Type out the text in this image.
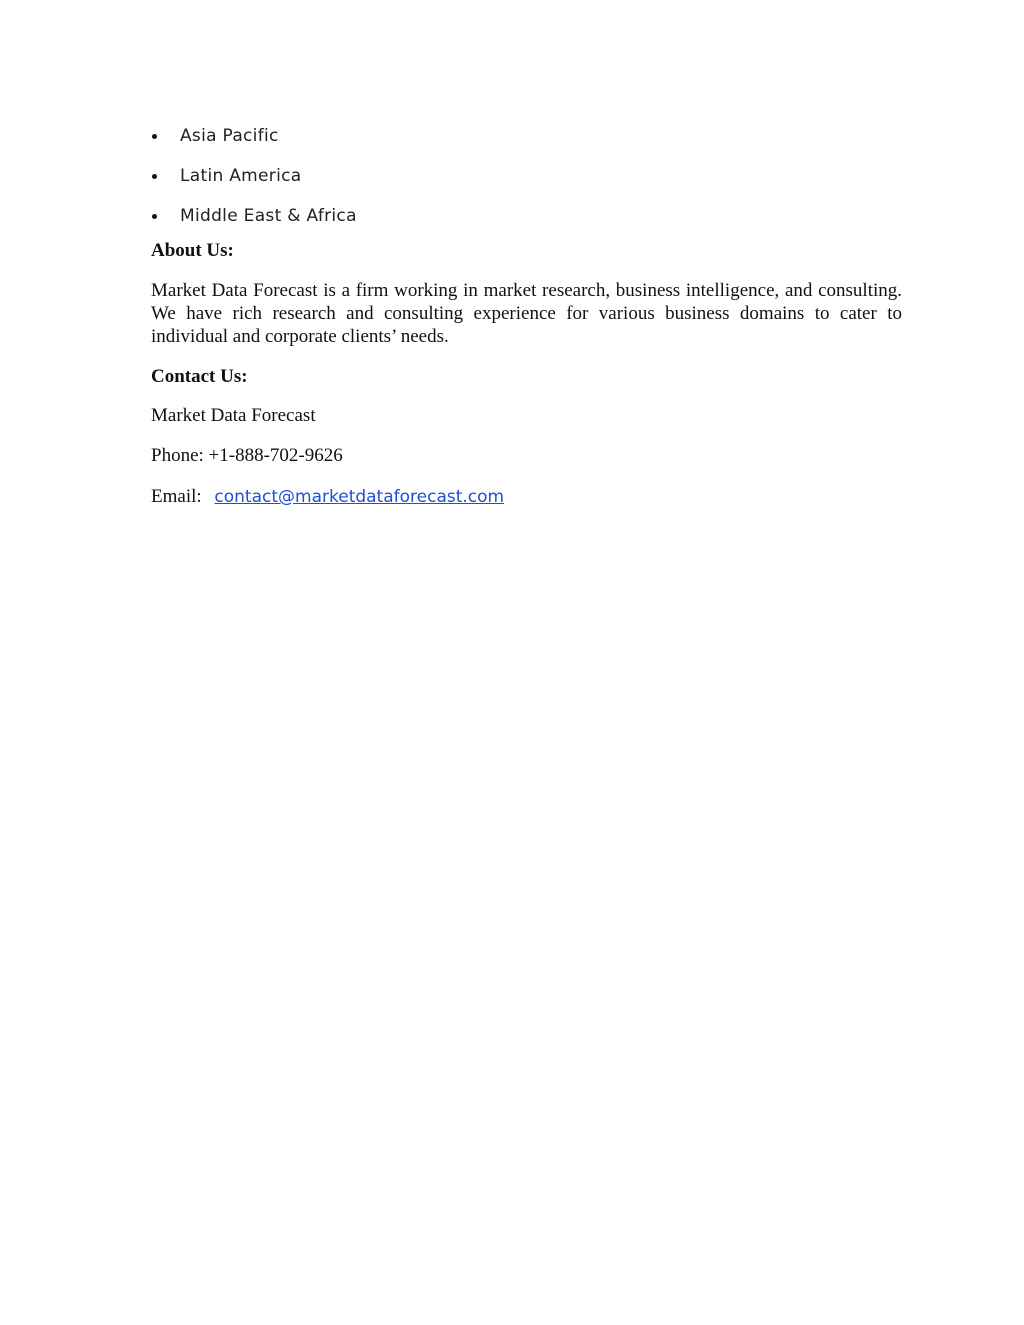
Asia Pacific
Latin America
Middle East & Africa
About Us:

Market Data Forecast is a firm working in market research, business intelligence, and consulting. We have rich research and consulting experience for various business domains to cater to individual and corporate clients’ needs.

Contact Us:
Market Data Forecast
Phone: +1-888-702-9626
Email: contact@marketdataforecast.com
